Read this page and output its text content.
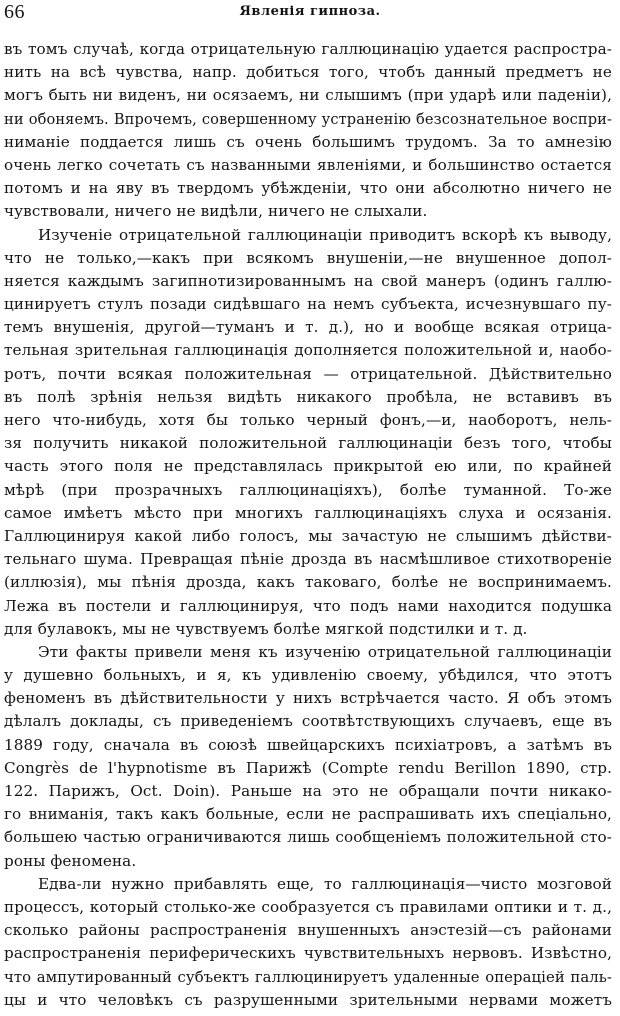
66	Явленія гипноза.
въ томъ случаѣ, когда отрицательную галлюцинацію удается распростра-
нить на всѣ чувства, напр. добиться того, чтобъ данный предметъ не
могъ быть ни виденъ, ни осязаемъ, ни слышимъ (при ударѣ или паденіи),
ни обоняемъ. Впрочемъ, совершенному устраненію безсознательное воспри-
ниманіе поддается лишь съ очень большимъ трудомъ. За то амнезію
очень легко сочетать съ названными явленіями, и большинство остается
потомъ и на яву въ твердомъ убѣжденіи, что они абсолютно ничего не
чувствовали, ничего не видѣли, ничего не слыхали.
Изученіе отрицательной галлюцинаціи приводитъ вскорѣ къ выводу,
что не только,—какъ при всякомъ внушеніи,—не внушенное допол-
няется каждымъ загипнотизированнымъ на свой манеръ (одинъ галлю-
цинируетъ стулъ позади сидѣвшаго на немъ субъекта, исчезнувшаго пу-
темъ внушенія, другой—туманъ и т. д.), но и вообще всякая отрица-
тельная зрительная галлюцинація дополняется положительной и, наобо-
ротъ, почти всякая положительная — отрицательной. Дѣйствительно
въ полѣ зрѣнія нельзя видѣть никакого пробѣла, не вставивъ въ
него что-нибудь, хотя бы только черный фонъ,—и, наоборотъ, нель-
зя получить никакой положительной галлюцинаціи безъ того, чтобы
часть этого поля не представлялась прикрытой ею или, по крайней
мѣрѣ (при прозрачныхъ галлюцинаціяхъ), болѣе туманной. То-же
самое имѣетъ мѣсто при многихъ галлюцинаціяхъ слуха и осязанія.
Галлюцинируя какой либо голосъ, мы зачастую не слышимъ дѣйстви-
тельнаго шума. Превращая пѣніе дрозда въ насмѣшливое стихотвореніе
(иллюзія), мы пѣнія дрозда, какъ таковаго, болѣе не воспринимаемъ.
Лежа въ постели и галлюцинируя, что подъ нами находится подушка
для булавокъ, мы не чувствуемъ болѣе мягкой подстилки и т. д.
Эти факты привели меня къ изученію отрицательной галлюцинаціи
у душевно больныхъ, и я, къ удивленію своему, убѣдился, что этотъ
феноменъ въ дѣйствительности у нихъ встрѣчается часто. Я объ этомъ
дѣлалъ доклады, съ приведеніемъ соотвѣтствующихъ случаевъ, еще въ
1889 году, сначала въ союзѣ швейцарскихъ психіатровъ, а затѣмъ въ
Congrès de l'hypnotisme въ Парижѣ (Compte rendu Berillon 1890, стр.
122. Парижъ, Oct. Doin). Раньше на это не обращали почти никако-
го вниманія, такъ какъ больные, если не распрашивать ихъ спеціально,
большею частью ограничиваются лишь сообщеніемъ положительной сто-
роны феномена.
Едва-ли нужно прибавлять еще, то галлюцинація—чисто мозговой
процессъ, который столько-же сообразуется съ правилами оптики и т. д.,
сколько районы распространенія внушенныхъ анэстезій—съ районами
распространенія периферическихъ чувствительныхъ нервовъ. Извѣстно,
что ампутированный субъектъ галлюцинируетъ удаленные операціей паль-
цы и что человѣкъ съ разрушенными зрительными нервами можетъ
